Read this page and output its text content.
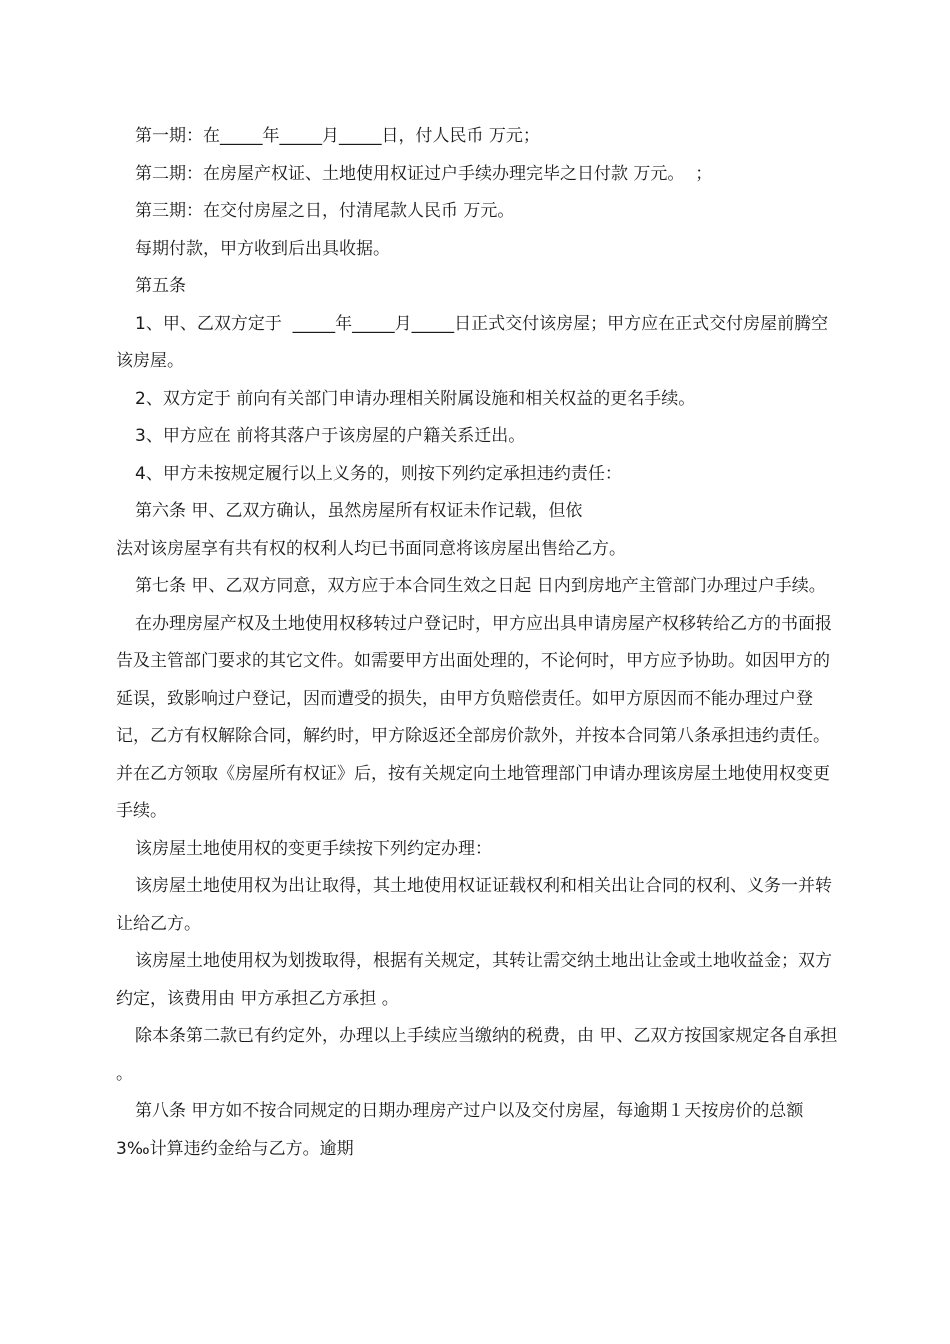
第一期：在_____年_____月_____日，付人民币 万元；

第二期：在房屋产权证、土地使用权证过户手续办理完毕之日付款 万元。  ；

第三期：在交付房屋之日，付清尾款人民币 万元。

每期付款，甲方收到后出具收据。

第五条

1、甲、乙双方定于  _____年_____月_____日正式交付该房屋；甲方应在正式交付房屋前腾空该房屋。

2、双方定于 前向有关部门申请办理相关附属设施和相关权益的更名手续。

3、甲方应在 前将其落户于该房屋的户籍关系迁出。

4、甲方未按规定履行以上义务的，则按下列约定承担违约责任：

第六条 甲、乙双方确认，虽然房屋所有权证未作记载，但依

法对该房屋享有共有权的权利人均已书面同意将该房屋出售给乙方。

第七条 甲、乙双方同意，双方应于本合同生效之日起 日内到房地产主管部门办理过户手续。

在办理房屋产权及土地使用权移转过户登记时，甲方应出具申请房屋产权移转给乙方的书面报告及主管部门要求的其它文件。如需要甲方出面处理的，不论何时，甲方应予协助。如因甲方的延误，致影响过户登记，因而遭受的损失，由甲方负赔偿责任。如甲方原因而不能办理过户登记，乙方有权解除合同，解约时，甲方除返还全部房价款外，并按本合同第八条承担违约责任。并在乙方领取《房屋所有权证》后，按有关规定向土地管理部门申请办理该房屋土地使用权变更手续。

该房屋土地使用权的变更手续按下列约定办理：

该房屋土地使用权为出让取得，其土地使用权证证载权利和相关出让合同的权利、义务一并转让给乙方。

该房屋土地使用权为划拨取得，根据有关规定，其转让需交纳土地出让金或土地收益金；双方约定，该费用由 甲方承担乙方承担 。

除本条第二款已有约定外，办理以上手续应当缴纳的税费，由 甲、乙双方按国家规定各自承担 。

第八条 甲方如不按合同规定的日期办理房产过户以及交付房屋，每逾期１天按房价的总额 3‰计算违约金给与乙方。逾期
